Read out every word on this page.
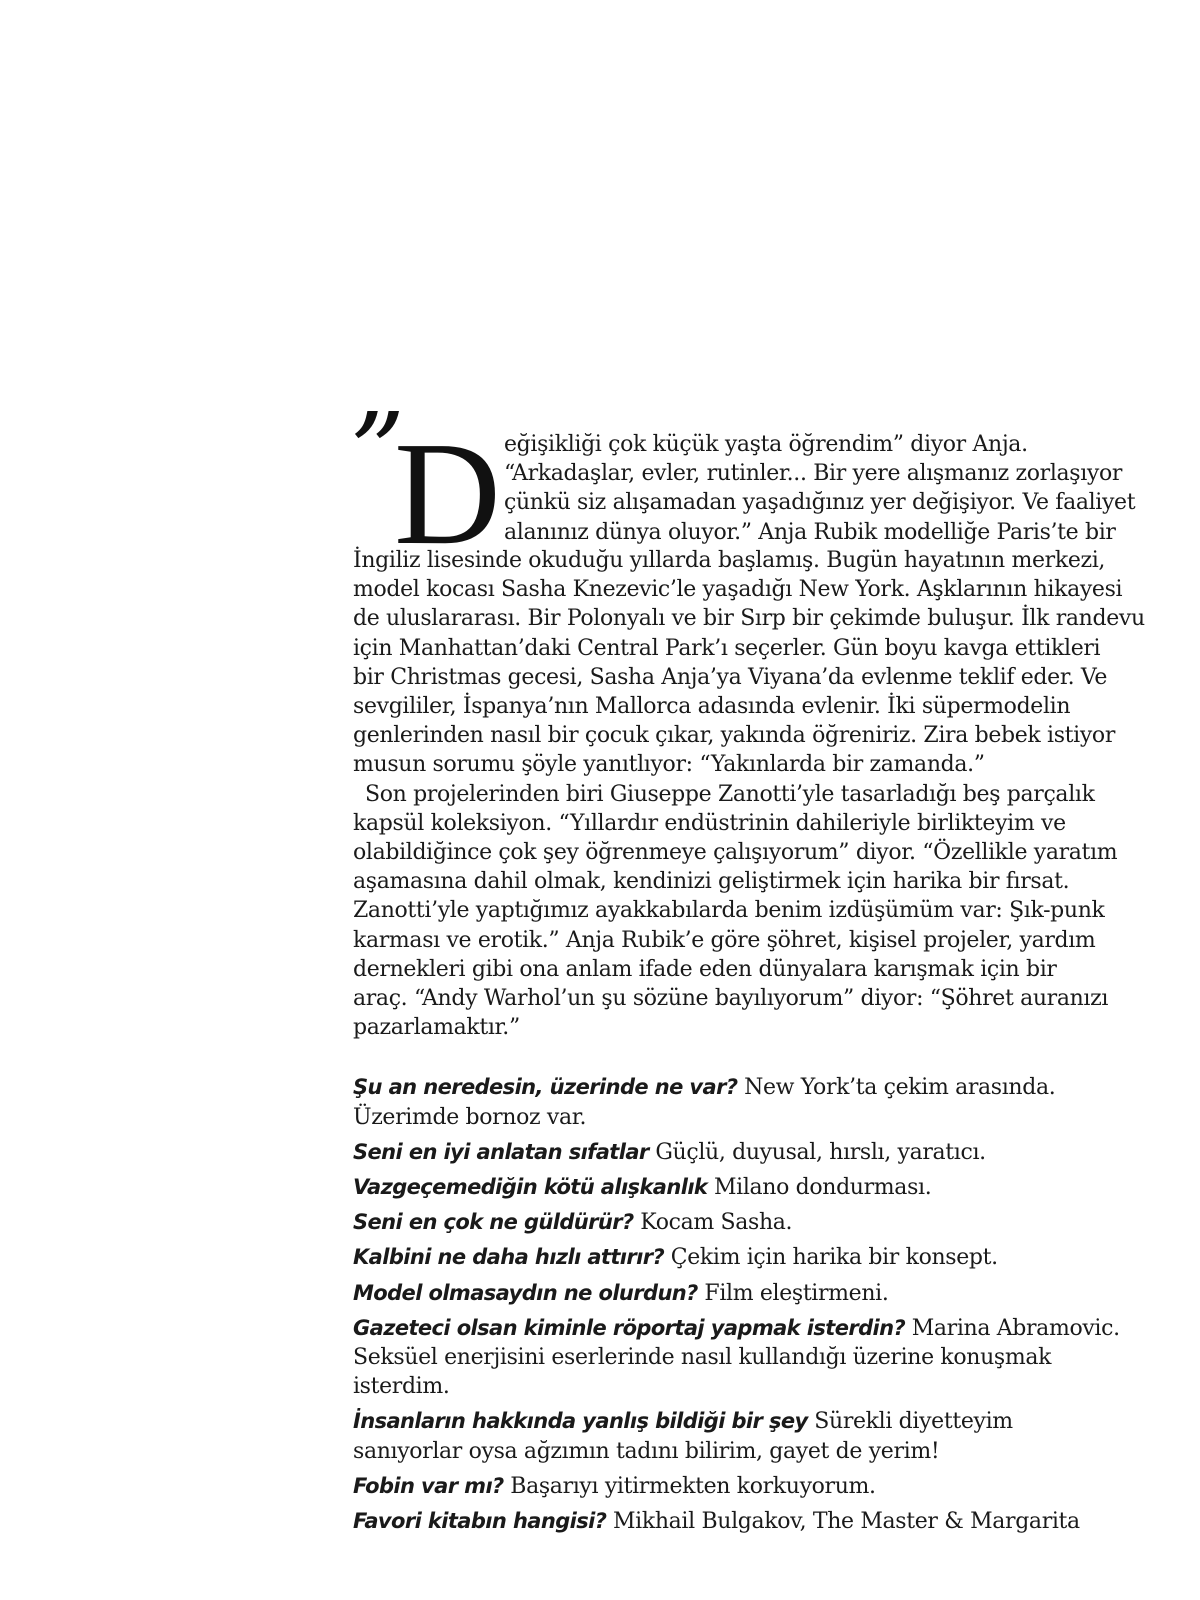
”
D eğişikliği çok küçük yaşta öğrendim” diyor Anja.
“Arkadaşlar, evler, rutinler... Bir yere alışmanız zorlaşıyor
çünkü siz alışamadan yaşadığınız yer değişiyor. Ve faaliyet
alanınız dünya oluyor.” Anja Rubik modelliğe Paris’te bir
İngiliz lisesinde okuduğu yıllarda başlamış. Bugün hayatının merkezi,
model kocası Sasha Knezevic’le yaşadığı New York. Aşklarının hikayesi
de uluslararası. Bir Polonyalı ve bir Sırp bir çekimde buluşur. İlk randevu
için Manhattan’daki Central Park’ı seçerler. Gün boyu kavga ettikleri
bir Christmas gecesi, Sasha Anja’ya Viyana’da evlenme teklif eder. Ve
sevgililer, İspanya’nın Mallorca adasında evlenir. İki süpermodelin
genlerinden nasıl bir çocuk çıkar, yakında öğreniriz. Zira bebek istiyor
musun sorumu şöyle yanıtlıyor: “Yakınlarda bir zamanda.”
Son projelerinden biri Giuseppe Zanotti’yle tasarladığı beş parçalık
kapsül koleksiyon. “Yıllardır endüstrinin dahileriyle birlikteyim ve
olabildiğince çok şey öğrenmeye çalışıyorum” diyor. “Özellikle yaratım
aşamasına dahil olmak, kendinizi geliştirmek için harika bir fırsat.
Zanotti’yle yaptığımız ayakkabılarda benim izdüşümüm var: Şık-punk
karması ve erotik.” Anja Rubik’e göre şöhret, kişisel projeler, yardım
dernekleri gibi ona anlam ifade eden dünyalara karışmak için bir
araç. “Andy Warhol’un şu sözüne bayılıyorum” diyor: “Şöhret auranızı
pazarlamaktır.”
Şu an neredesin, üzerinde ne var? New York’ta çekim arasında.
Üzerimde bornoz var.
Seni en iyi anlatan sıfatlar Güçlü, duyusal, hırslı, yaratıcı.
Vazgeçemediğin kötü alışkanlık Milano dondurması.
Seni en çok ne güldürür? Kocam Sasha.
Kalbini ne daha hızlı attırır? Çekim için harika bir konsept.
Model olmasaydın ne olurdun? Film eleştirmeni.
Gazeteci olsan kiminle röportaj yapmak isterdin? Marina Abramovic.
Seksüel enerjisini eserlerinde nasıl kullandığı üzerine konuşmak
isterdim.
İnsanların hakkında yanlış bildiği bir şey Sürekli diyetteyim
sanıyorlar oysa ağzımın tadını bilirim, gayet de yerim!
Fobin var mı? Başarıyı yitirmekten korkuyorum.
Favori kitabın hangisi? Mikhail Bulgakov, The Master & Margarita
